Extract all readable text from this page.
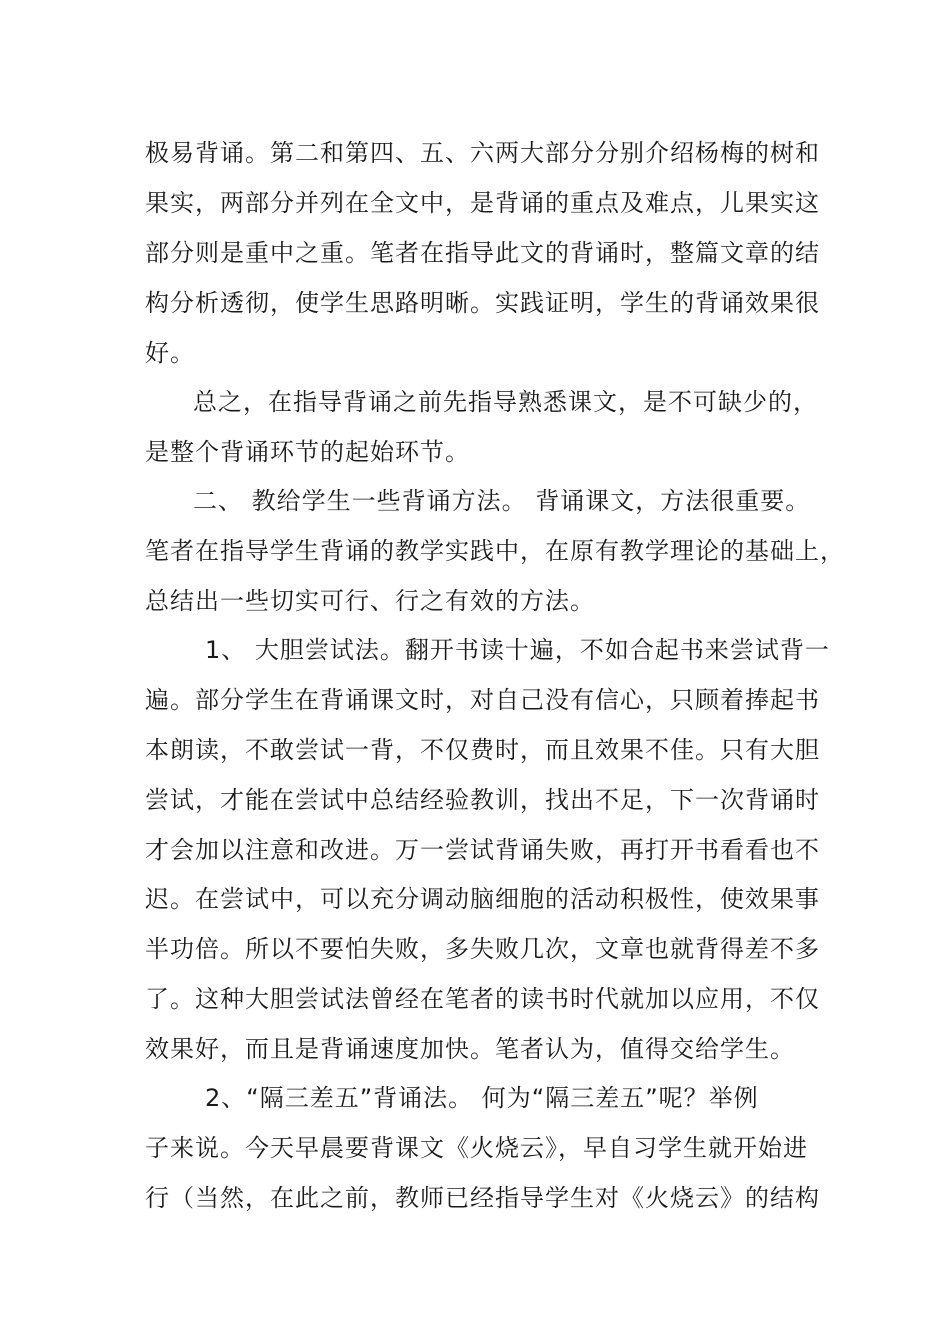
极易背诵。第二和第四、五、六两大部分分别介绍杨梅的树和
果实，两部分并列在全文中，是背诵的重点及难点，儿果实这
部分则是重中之重。笔者在指导此文的背诵时，整篇文章的结
构分析透彻，使学生思路明晰。实践证明，学生的背诵效果很
好。
总之，在指导背诵之前先指导熟悉课文，是不可缺少的，
是整个背诵环节的起始环节。
二、 教给学生一些背诵方法。 背诵课文，方法很重要。
笔者在指导学生背诵的教学实践中，在原有教学理论的基础上，
总结出一些切实可行、行之有效的方法。
1、 大胆尝试法。翻开书读十遍，不如合起书来尝试背一
遍。部分学生在背诵课文时，对自己没有信心，只顾着捧起书
本朗读，不敢尝试一背，不仅费时，而且效果不佳。只有大胆
尝试，才能在尝试中总结经验教训，找出不足，下一次背诵时
才会加以注意和改进。万一尝试背诵失败，再打开书看看也不
迟。在尝试中，可以充分调动脑细胞的活动积极性，使效果事
半功倍。所以不要怕失败，多失败几次，文章也就背得差不多
了。这种大胆尝试法曾经在笔者的读书时代就加以应用，不仅
效果好，而且是背诵速度加快。笔者认为，值得交给学生。
2、“隔三差五”背诵法。 何为“隔三差五”呢？举例
子来说。今天早晨要背课文《火烧云》，早自习学生就开始进
行（当然，在此之前，教师已经指导学生对《火烧云》的结构
